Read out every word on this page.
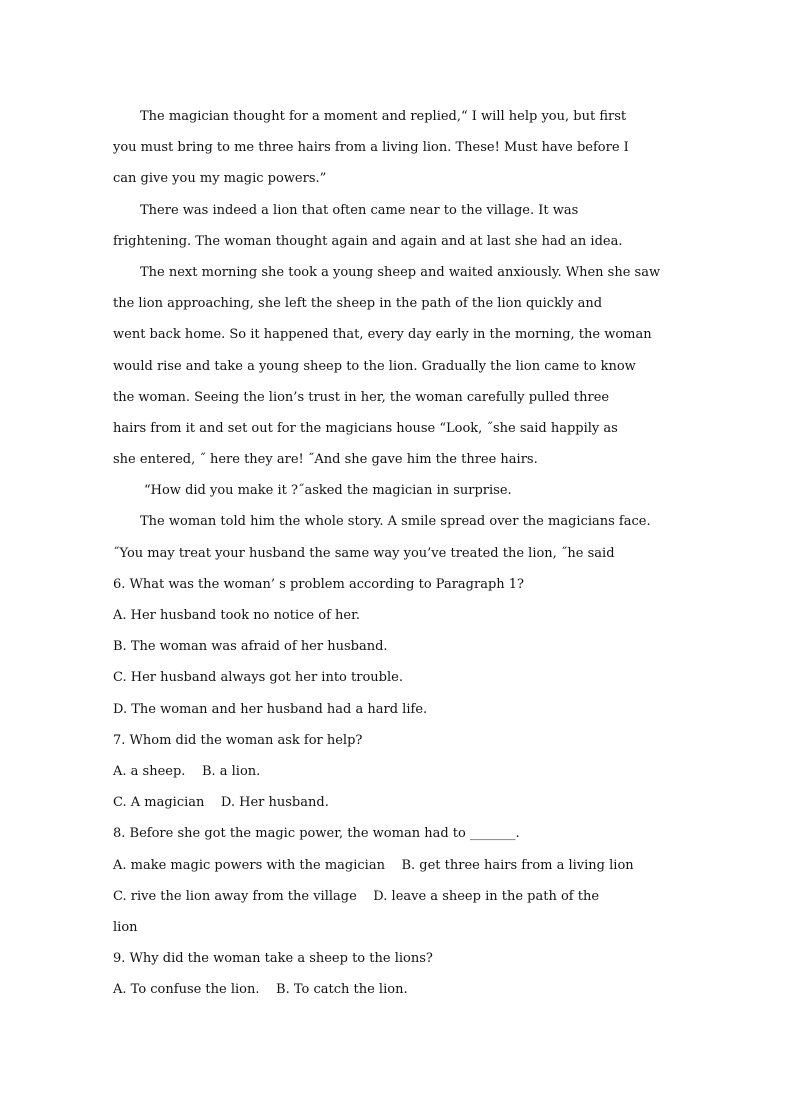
The magician thought for a moment and replied,“ I will help you, but first
you must bring to me three hairs from a living lion. These! Must have before I
can give you my magic powers.”
There was indeed a lion that often came near to the village. It was
frightening. The woman thought again and again and at last she had an idea.
The next morning she took a young sheep and waited anxiously. When she saw
the lion approaching, she left the sheep in the path of the lion quickly and
went back home. So it happened that, every day early in the morning, the woman
would rise and take a young sheep to the lion. Gradually the lion came to know
the woman. Seeing the lion’s trust in her, the woman carefully pulled three
hairs from it and set out for the magicians house “Look, ˝she said happily as
she entered, ˝ here they are! ˝And she gave him the three hairs.
“How did you make it ?˝asked the magician in surprise.
The woman told him the whole story. A smile spread over the magicians face.
˝You may treat your husband the same way you’ve treated the lion, ˝he said
6. What was the woman’ s problem according to Paragraph 1?
A. Her husband took no notice of her.
B. The woman was afraid of her husband.
C. Her husband always got her into trouble.
D. The woman and her husband had a hard life.
7. Whom did the woman ask for help?
A. a sheep.    B. a lion.
C. A magician    D. Her husband.
8. Before she got the magic power, the woman had to _______.
A. make magic powers with the magician    B. get three hairs from a living lion
C. rive the lion away from the village    D. leave a sheep in the path of the
lion
9. Why did the woman take a sheep to the lions?
A. To confuse the lion.    B. To catch the lion.
